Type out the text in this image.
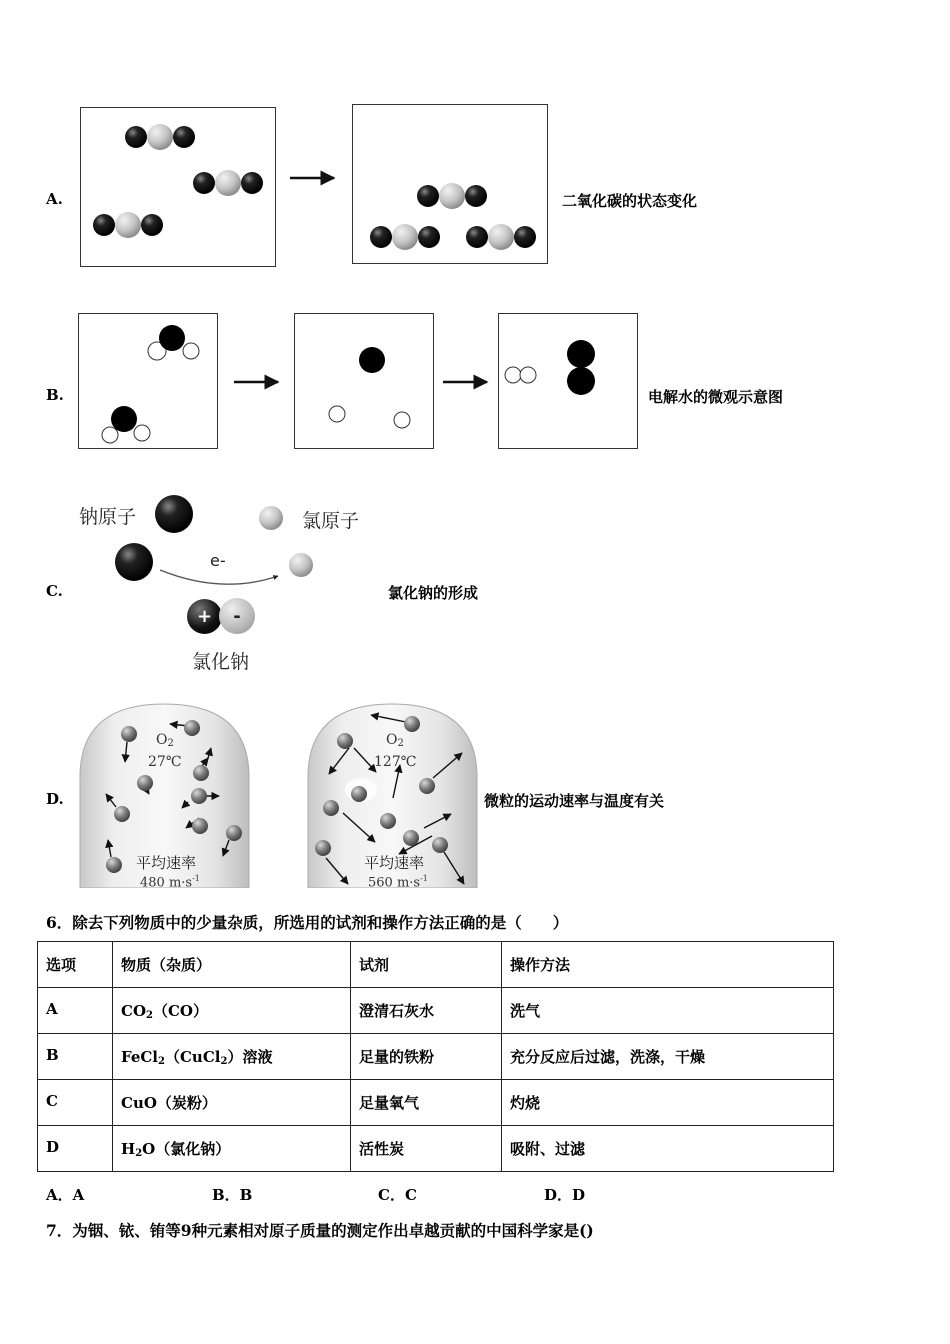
A.	二氧化碳的状态变化
B.	电解水的微观示意图
C.
钠原子	氯原子
e-
+	-
氯化钠
氯化钠的形成
D.
$O_2$
27℃
平均速率
480 $m\cdot s^{-1}$
$O_2$
127℃
平均速率
560 $m\cdot s^{-1}$
微粒的运动速率与温度有关
6．除去下列物质中的少量杂质，所选用的试剂和操作方法正确的是（　　）
选项	物质（杂质）	试剂	操作方法
A	$CO_2(CO)$	澄清石灰水	洗气
B	FeCl$_2$（CuCl$_2$）溶液	足量的铁粉	充分反应后过滤，洗涤，干燥
C	CuO（炭粉）	足量氧气	灼烧
D	$H_2O$（氯化钠）	活性炭	吸附、过滤
A．A	B．B	C．C	D．D
7．为铟、铱、铕等9种元素相对原子质量的测定作出卓越贡献的中国科学家是()
